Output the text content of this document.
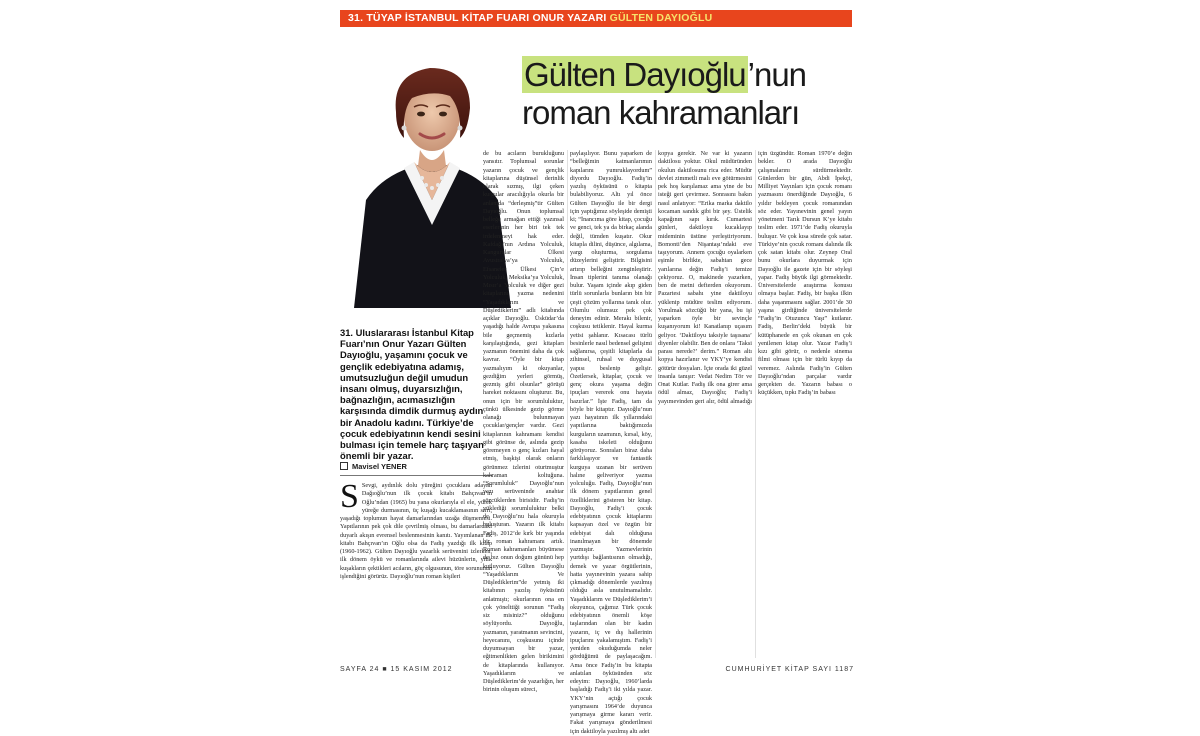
31. TÜYAP İSTANBUL KİTAP FUARI ONUR YAZARI GÜLTEN DAYIOĞLU
Gülten Dayıoğlu’nun
roman kahramanları
31. Uluslararası İstanbul Kitap Fuarı’nın Onur Yazarı Gülten Dayıoğlu, yaşamını çocuk ve gençlik edebiyatına adamış, umutsuzluğun değil umudun insanı olmuş, duyarsızlığın, bağnazlığın, acımasızlığın karşısında dimdik durmuş aydın bir Anadolu kadını. Türkiye’de çocuk edebiyatının kendi sesini bulması için temele harç taşıyan önemli bir yazar.
Mavisel YENER
S Sevgi, aydınlık dolu yüreğini çocuklara adayan Dağıoğlu’nun ilk çocuk kitabı Bahçıvan’ın Oğlu’ndan (1965) bu yana okurlarıyla el ele, yürek yüreğe durmasının, üç kuşağı kucaklamasının sırrı, yaşadığı toplumun hayat damarlarından uzağa düşmemesi. Yapıtlarının pek çok dile çevrilmiş olması, bu damarlardaki duyarlı akışın evrensel beslenmesinin kanıtı. Yayımlanan ilk kitabı Bahçıvan’ın Oğlu olsa da Fadiş yazdığı ilk kitap (1960-1962). Gülten Dayıoğlu yazarlık serüvenini izlerken, ilk dönem öykü ve romanlarında ailevi hüzünlerin, yitik kuşakların çektikleri acıların, göç olgusunun, töre sorununun işlendiğini görürüz. Dayıoğlu’nun roman kişileri
de bu acıların burukluğunu yansıtır. Toplumsal sorunlar yazarın çocuk ve gençlik kitaplarına düşünsel derinlik olarak sızmış, ilgi çeken kurgular aracılığıyla okurla bir anlamda “derleşmiş”tir Gülten Dayıoğlu. Onun toplumsal belleğe armağan ettiği yazınsal eserlerinin her biri tek tek irdelenmeyi hak eder. Kafdağı’nın Ardına Yolculuk, Kangurular Ülkesi Avustralya’ya Yolculuk, Efsaneler Ülkesi Çin’e Yolculuk, Meksika’ya Yolculuk, Mısır’a Yolculuk ve diğer gezi kitaplarını yazma nedenini “Yaşadıklarım ve Düşlediklerim” adlı kitabında açıklar Dayıoğlu. Üsküdar’da yaşadığı halde Avrupa yakasına bile geçmemiş kızlarla karşılaştığında, gezi kitapları yazmanın önemini daha da çok kavrar. “Öyle bir kitap yazmalıyım ki okuyanlar, gezdiğim yerleri görmüş, gezmiş gibi olsunlar” görüşü hareket noktasını oluşturur. Bu, onun için bir sorumluluktur, çünkü ülkesinde gezip görme olanağı bulunmayan çocuklar/gençler vardır. Gezi kitaplarının kahramanı kendisi gibi görünse de, aslında gezip göremeyen o genç kızları hayal etmiş, başkişi olarak onların görünmez izlerini oturtmuştur kahraman koltuğuna. “Sorumluluk” Dayıoğlu’nun yazı serüveninde anahtar sözcüklerden birisidir. Fadiş’in yüklediği sorumluluktur belki de Dayıoğlu’nu hala okuruyla buluşturan. Yazarın ilk kitabı Fadiş, 2012’de kırk bir yaşında bir roman kahramanı artık. Roman kahramanları büyümese de bız onun doğum gününü hep kutluyoruz. Gülten Dayıoğlu “Yaşadıklarım Ve Düşlediklerim”de yetmiş iki kitabının yazılış öyküsünü anlatmıştı; okurlarının ona en çok yönelttiği sorunun “Fadiş siz misiniz?” olduğunu söylüyordu. Dayıoğlu, yazmanın, yaratmanın sevincini, heyecanını, coşkusunu içinde duyumsayan bir yazar, eğitmenlikten gelen birikimini de kitaplarında kullanıyor. Yaşadıklarım ve Düşlediklerim’de yazarlığın, her birinin oluşum süreci,
paylaşılıyor. Bunu yaparken de “belleğimin katmanlarımın kapılarını yumruklayordum” diyordu Dayıoğlu. Fadiş’in yazılış öyküsünü o kitapta bulabiliyoruz. Altı yıl önce Gülten Dayıoğlu ile bir dergi için yaptığımız söyleşide demişti ki; “İnancıma göre kitap, çocuğu ve genci, tek ya da birkaç alanda değil, tümden kuşatır. Okur kitapla dilini, düşünce, algılama, yargı oluşturma, sorgulama düzeylerini geliştirir. Bilgisini artırıp belleğini zenginleştirir. İnsan tiplerini tanıma olanağı bulur. Yaşam içinde akıp giden türlü sorunlarla bunların bin bir çeşit çözüm yollarına tanık olur. Olumlu olumsuz pek çok deneyim edinir. Merakı bilenir, coşkusu tetiklenir. Hayal kurma yetisi şahlanır. Kısacası türlü besinlerle nasıl bedensel gelişimi sağlanırsa, çeşitli kitaplarla da zihinsel, ruhsal ve duygusal yapısı beslenip gelişir. Özetlersek, kitaplar, çocuk ve genç okura yaşama değin ipuçları vererek onu hayata hazırlar.” İşte Fadiş, tam da böyle bir kitaptır. Dayıoğlu’nun yazı hayatının ilk yıllarındaki yapıtlarına baktığımızda kurguların uzamının, kırsal, köy, kasaba iskeleti olduğunu görüyoruz. Sonraları biraz daha farklılaşıyor ve fantastik kurguya uzanan bir serüven halıne geliveriyor yazma yolculuğu. Fadiş, Dayıoğlu’nun ilk dönem yapıtlarının genel özelliklerini gösteren bir kitap. Dayıoğlu, Fadiş’i çocuk edebiyatının çocuk kitaplarını kapsayan özel ve özgün bir edebiyat dalı olduğuna inanılmayan bir dönemde yazmıştır. Yazmevlerinin yurtdışı bağlantısının olmadığı, demek ve yazar örgütlerinin, hatta yayınevinin yazara sahip çıkmadığı dönemlerde yazılmış olduğu asla unutulmamalıdır. Yaşadıklarım ve Düşlediklerim’i okuyunca, çağımız Türk çocuk edebiyatının önemli köşe taşlarından olan bir kadın yazarın, iç ve dış hallerinin ipuçlarını yakalamıştım. Fadiş’i yeniden okuduğumda neler gördüğümü de paylaşacağım. Ama önce Fadiş’in bu kitapta anlatılan öyküsünden söz edeyim: Dayıoğlu, 1960’larda başladığı Fadiş’i iki yılda yazar. YKY’nin açtığı çocuk yarışmasını 1964’de duyunca yarışmaya girme kararı verir. Fakat yarışmaya gönderilmesi için daktiloyla yazılmış altı adet
kopya gerekir. Ne var ki yazarın daktilosu yoktur. Okul müdüründen okulun daktilosunu rica eder. Müdür devlet zimmetli malı eve götürmesini pek hoş karşılamaz ama yine de bu isteği geri çevirmez. Sonrasını bakın nasıl anlatıyor: “Erika marka daktilo kocaman sandık gibi bir şey. Üstelik kapağının sapı kırık. Cumartesi günleri, daktiloyu kucaklayıp mideminin üstüne yerleştiriyorum. Bomonti’den Nişantaşı’ndaki eve taşıyorum. Annem çocuğu oyalarken eşimle birlikte, sabahtan gece yarılarına değin Fadiş’i temize çekiyoruz. O, makinede yazarken, ben de metni defterden okuyorum. Pazartesi sabahı yine daktiloyu yüklenip müdüre teslim ediyorum. Yorulmak sözcüğü bir yana, bu işi yaparken öyle bir sevinçle kuşanıyorum ki! Kanatlanıp uçasım geliyor. ‘Daktiloyu taksiyle taşısana’ diyenler olabilir. Ben de onlara ‘Taksi parası nerede?’ derim.” Roman altı kopya hazırlanır ve YKY’ye kendisi götürür dosyaları. İçte orada iki güzel insanla tanışır: Vedat Nedim Tör ve Onat Kutlar. Fadiş ilk ona girer ama ödül almaz, Dayıoğlu; Fadiş’i yayımevinden geri alır, ödül almadığı için üzgündür. Roman 1970’e değin bekler. O arada Dayıoğlu çalışmalarını sürdürmektedir. Günlerden bir gün, Abdi İpekçi, Milliyet Yayınları için çocuk romanı yazmasını önerdiğinde Dayıoğlu, 6 yıldır bekleyen çocuk romanından söz eder. Yayınevinin genel yayın yönetmeni Tarık Dursun K’ye kitabı teslim eder. 1971’de Fadiş okuruyla buluşur. Ve çok kısa sürede çok satar. Türkiye’nin çocuk romanı dalında ilk çok satan kitabı olur. Zeynep Oral bunu okurlara duyurmak için Dayıoğlu ile gazete için bir söyleşi yapar. Fadiş büyük ilgi görmektedir. Üniversitelerde araştırma konusu olmaya başlar. Fadiş, bir başka ilkin daha yaşanmasını sağlar. 2001’de 30 yaşına girdiğinde üniversitelerde “Fadiş’in Otuzuncu Yaşı” kutlanır. Fadiş, Berlin’deki büyük bir kütüphanede en çok okunan en çok yenilenen kitap olur. Yazar Fadiş’i kızı gibi görür, o nedenle sinema filmi olması için bir türlü kıyıp da veremez. Aslında Fadiş’in Gülten Dayıoğlu’ndan parçalar vardır gerçekten de. Yazarın babası o küçükken, tıpkı Fadiş’in babası
SAYFA 24 ■ 15 KASIM 2012	CUMHURİYET KİTAP SAYI 1187
